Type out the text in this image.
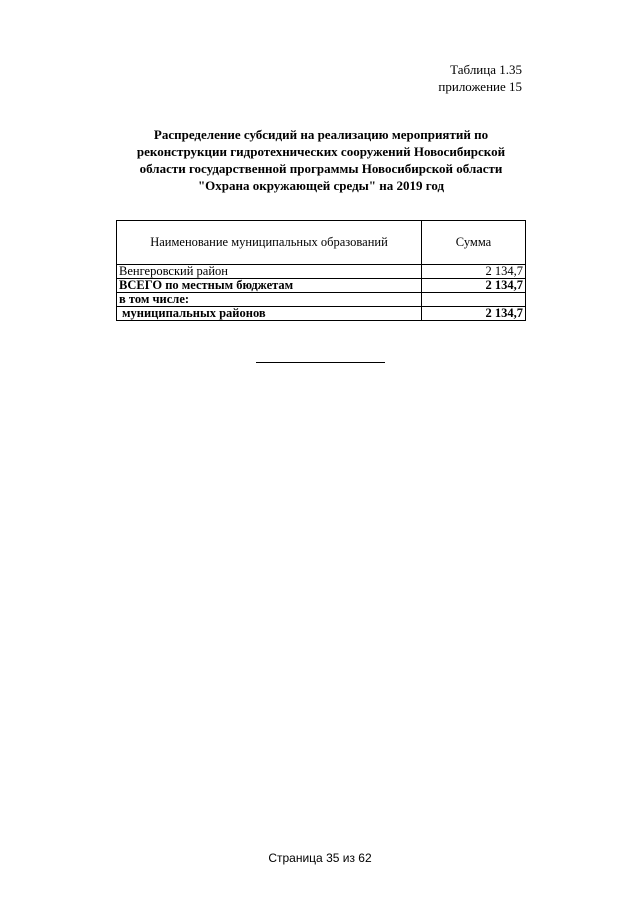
Таблица 1.35
приложение 15
Распределение субсидий на реализацию мероприятий по
реконструкции гидротехнических сооружений Новосибирской
области государственной программы Новосибирской области
"Охрана окружающей среды" на 2019 год
Наименование муниципальных образований	Сумма
Венгеровский район	2 134,7
ВСЕГО по местным бюджетам	2 134,7
в том числе:	
муниципальных районов	2 134,7
Страница 35 из 62
